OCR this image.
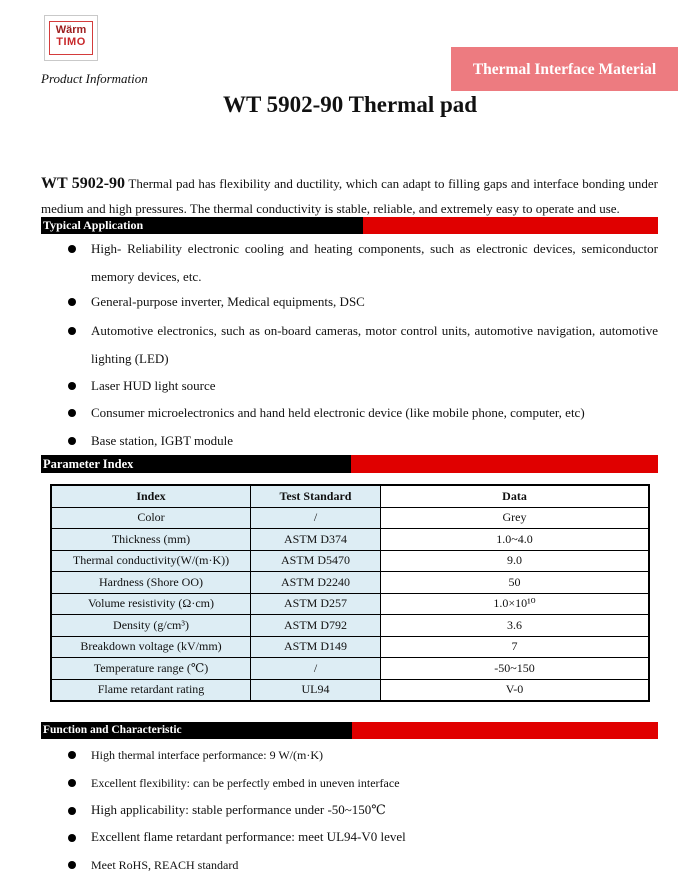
Wärm
TIMO
Product Information
Thermal Interface Material
WT 5902-90 Thermal pad

WT 5902-90 Thermal pad has flexibility and ductility, which can adapt to filling gaps and interface bonding under medium and high pressures. The thermal conductivity is stable, reliable, and extremely easy to operate and use.

Typical Application
High- Reliability electronic cooling and heating components, such as electronic devices, semiconductor memory devices, etc.
General-purpose inverter, Medical equipments, DSC
Automotive electronics, such as on-board cameras, motor control units, automotive navigation, automotive lighting (LED)
Laser HUD light source
Consumer microelectronics and hand held electronic device (like mobile phone, computer, etc)
Base station, IGBT module
Parameter Index
Index	Test Standard	Data
Color	/	Grey
Thickness (mm)	ASTM D374	1.0~4.0
Thermal conductivity(W/(m·K))	ASTM D5470	9.0
Hardness (Shore OO)	ASTM D2240	50
Volume resistivity (Ω·cm)	ASTM D257	1.0×10¹⁰
Density (g/cm³)	ASTM D792	3.6
Breakdown voltage (kV/mm)	ASTM D149	7
Temperature range (℃)	/	-50~150
Flame retardant rating	UL94	V-0
Function and Characteristic
High thermal interface performance: 9 W/(m·K)
Excellent flexibility: can be perfectly embed in uneven interface
High applicability: stable performance under -50~150℃
Excellent flame retardant performance: meet UL94-V0 level
Meet RoHS, REACH standard
